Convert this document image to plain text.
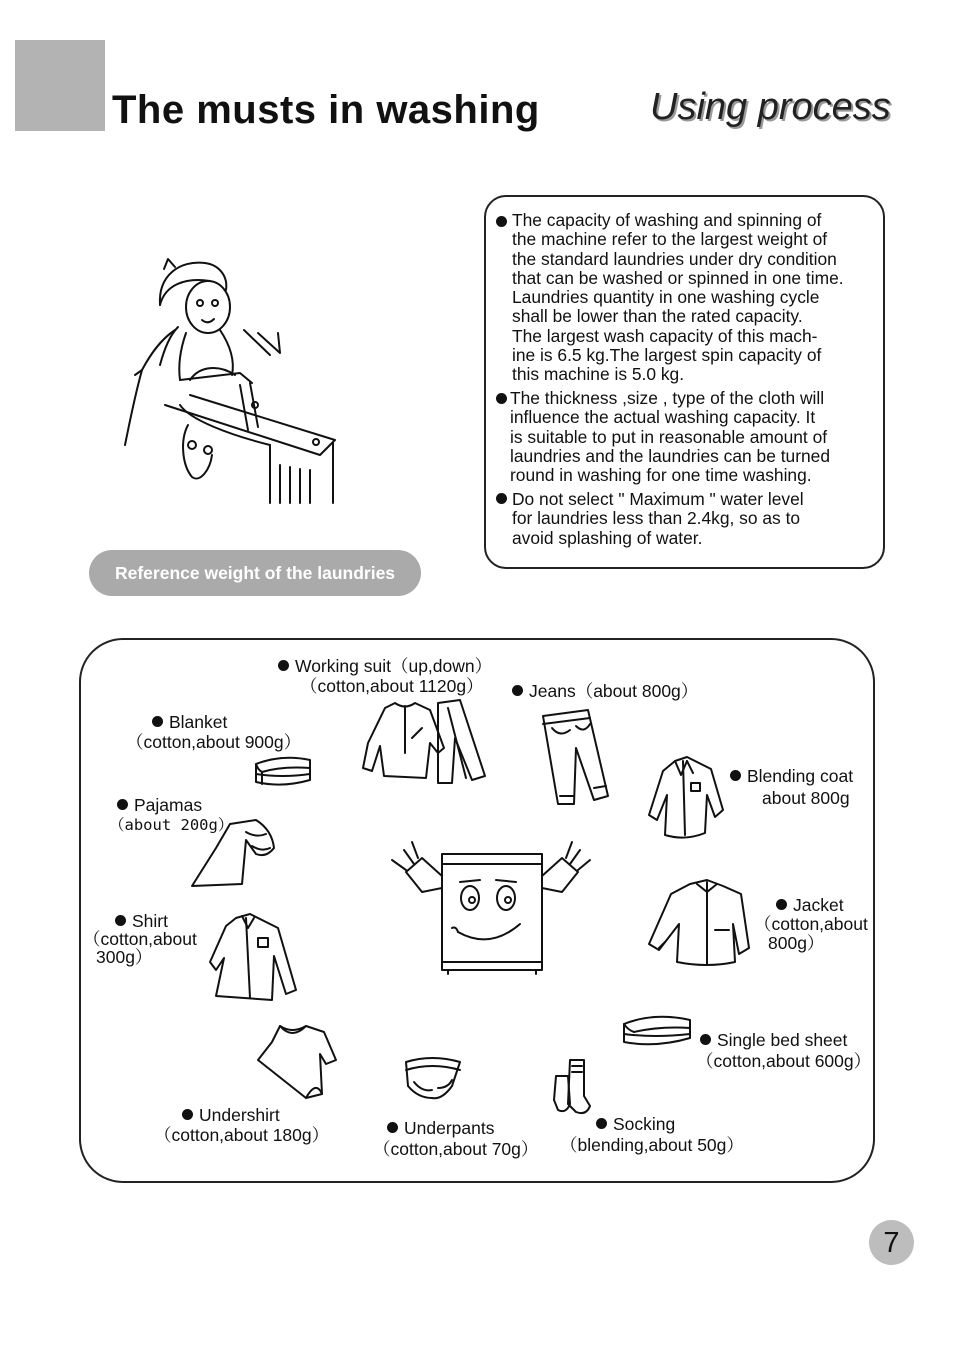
The musts in washing	Using process
The capacity of washing and spinning of
the machine refer to the largest weight of
the standard laundries under dry condition
that can be washed or spinned in one time.
Laundries quantity in one washing cycle
shall be lower than the rated capacity.
The largest wash capacity of this mach-
ine is 6.5 kg.The largest spin capacity of
this machine is 5.0 kg.
The thickness ,size , type of the cloth will
influence the actual washing capacity. It
is suitable to put in reasonable amount of
laundries and the laundries can be turned
round in washing for one time washing.
Do not select " Maximum " water level
for laundries less than 2.4kg, so as to
avoid splashing of water.
Reference weight of the laundries
Working suit（up,down）
（cotton,about 1120g）	Jeans（about 800g）
Blanket
（cotton,about 900g）
Blending coat
about 800g
Pajamas
（about 200g）
Shirt
（cotton,about
300g）
Jacket
（cotton,about
800g）
Single bed sheet
（cotton,about 600g）
Undershirt
（cotton,about 180g）	Underpants
（cotton,about 70g）
Socking
（blending,about 50g）
7
